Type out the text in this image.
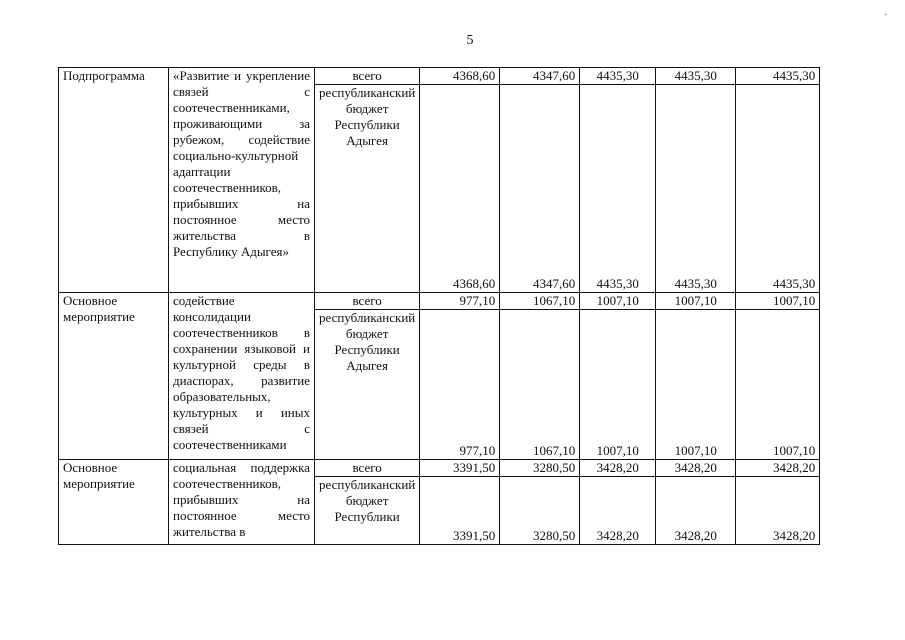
5
·
Подпрограмма	«Развитие и укрепление связей с соотечественниками, проживающими за рубежом, содействие социально-культурной адаптации соотечественников, прибывших на постоянное место жительства в Республику Адыгея»	всего	4368,60	4347,60	4435,30	4435,30	4435,30
		республиканский бюджет Республики Адыгея	4368,60	4347,60	4435,30	4435,30	4435,30
Основное мероприятие	содействие консолидации соотечественников в сохранении языковой и культурной среды в диаспорах, развитие образовательных, культурных и иных связей с соотечественниками	всего	977,10	1067,10	1007,10	1007,10	1007,10
		республиканский бюджет Республики Адыгея	977,10	1067,10	1007,10	1007,10	1007,10
Основное мероприятие	социальная поддержка соотечественников, прибывших на постоянное место жительства в	всего	3391,50	3280,50	3428,20	3428,20	3428,20
		республиканский бюджет Республики	3391,50	3280,50	3428,20	3428,20	3428,20
